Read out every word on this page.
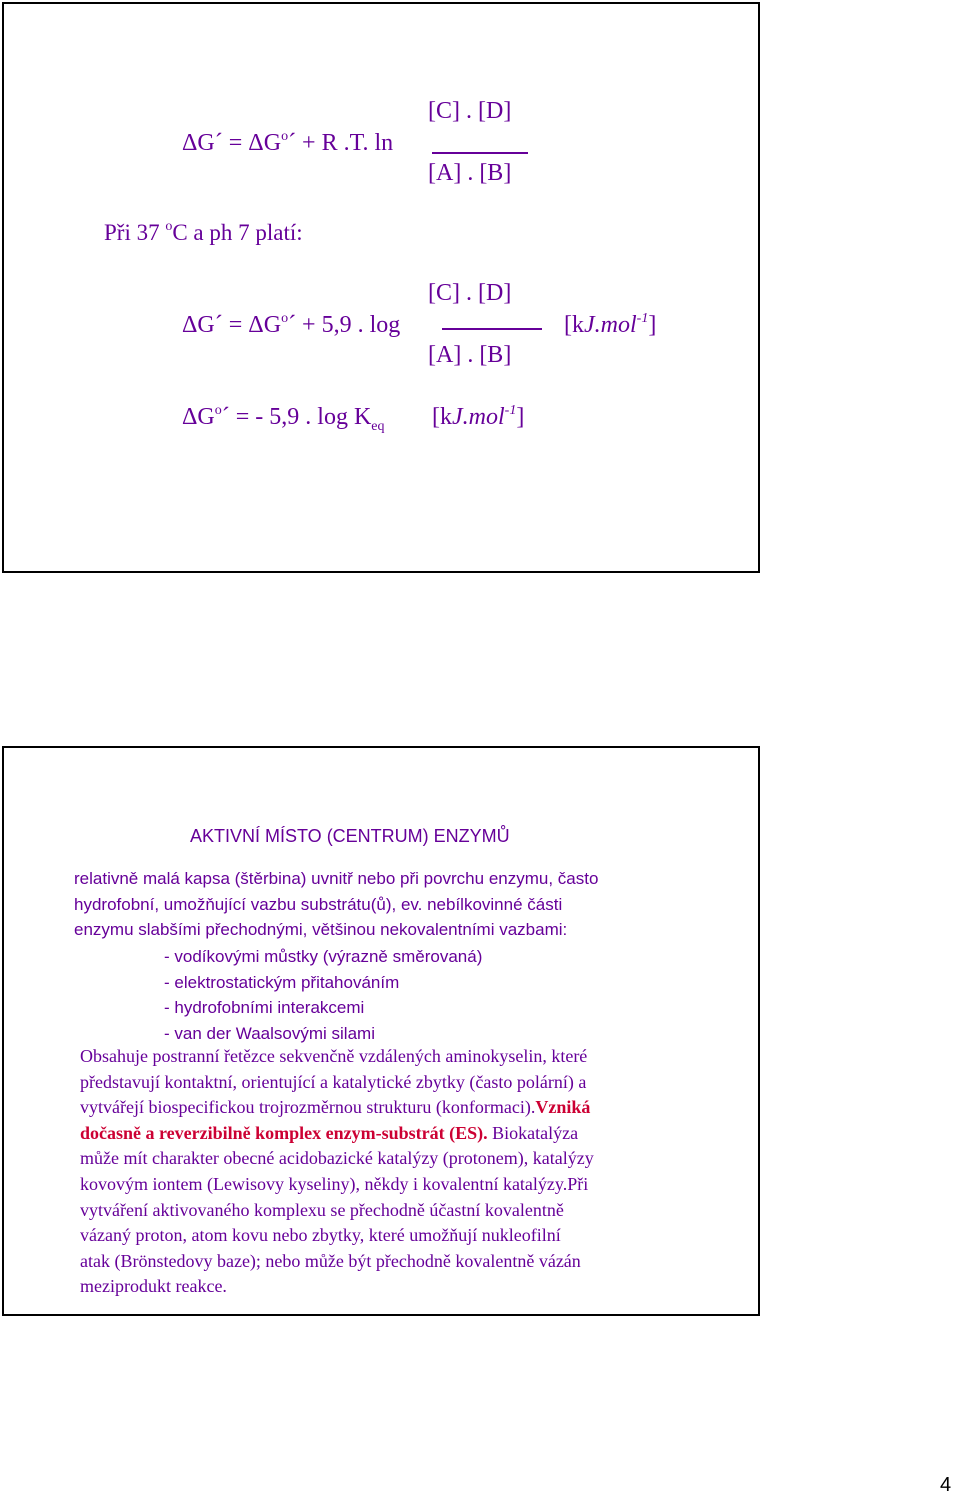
[C] . [D]
ΔG´ = $\Delta G^o´ + R$ .T. ln
[A] . [B]
Při 37 $^o$C a ph 7 platí:
[C] . [D]
ΔG´ = $\Delta G^o´ + 5,9$ . log	[kJ.mol$^{-1}$]
[A] . [B]
$\Delta G^o´$ = - 5,9 . $\log K_{eq}$ [kJ.mol$^{-1}$]
AKTIVNÍ MÍSTO (CENTRUM) ENZYMŮ
relativně malá kapsa (štěrbina) uvnitř nebo při povrchu enzymu, často
hydrofobní, umožňující vazbu substrátu(ů), ev. nebílkovinné části
enzymu slabšími přechodnými, většinou nekovalentními vazbami:
- vodíkovými můstky (výrazně směrovaná)
- elektrostatickým přitahováním
- hydrofobními interakcemi
- van der Waalsovými silami
Obsahuje postranní řetězce sekvenčně vzdálených aminokyselin, které
představují kontaktní, orientující a katalytické zbytky (často polární) a
vytvářejí biospecifickou trojrozměrnou strukturu (konformaci).Vzniká
dočasně a reverzibilně komplex enzym-substrát (ES). Biokatalýza
může mít charakter obecné acidobazické katalýzy (protonem), katalýzy
kovovým iontem (Lewisovy kyseliny), někdy i kovalentní katalýzy.Při
vytváření aktivovaného komplexu se přechodně účastní kovalentně
vázaný proton, atom kovu nebo zbytky, které umožňují nukleofilní
atak (Brönstedovy baze); nebo může být přechodně kovalentně vázán
meziprodukt reakce.
4
